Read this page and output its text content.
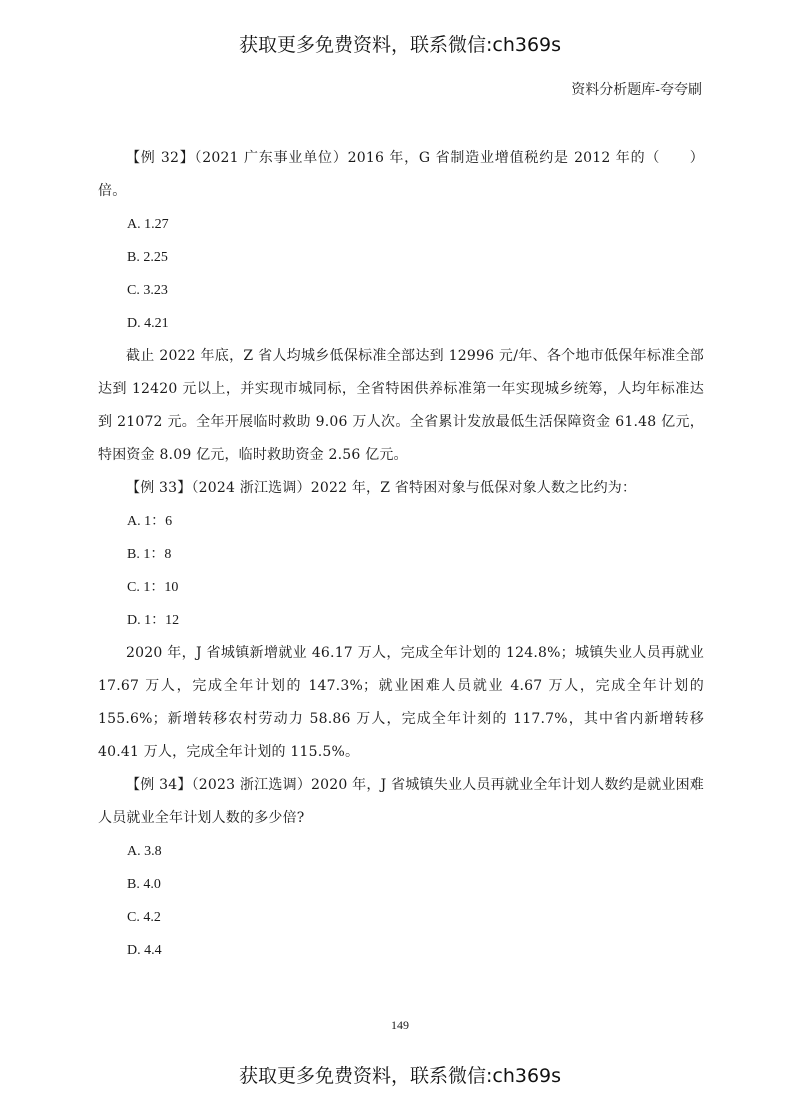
获取更多免费资料，联系微信:ch369s
资料分析题库-夸夸刷

【例 32】（2021 广东事业单位）2016 年，G 省制造业增值税约是 2012 年的（　　）倍。

A. 1.27

B. 2.25

C. 3.23

D. 4.21

截止 2022 年底，Z 省人均城乡低保标准全部达到 12996 元/年、各个地市低保年标准全部达到 12420 元以上，并实现市城同标，全省特困供养标准第一年实现城乡统筹，人均年标准达到 21072 元。全年开展临时救助 9.06 万人次。全省累计发放最低生活保障资金 61.48 亿元，特困资金 8.09 亿元，临时救助资金 2.56 亿元。

【例 33】（2024 浙江选调）2022 年，Z 省特困对象与低保对象人数之比约为：

A. 1：6

B. 1：8

C. 1：10

D. 1：12

2020 年，J 省城镇新增就业 46.17 万人，完成全年计划的 124.8%；城镇失业人员再就业 17.67 万人，完成全年计划的 147.3%；就业困难人员就业 4.67 万人，完成全年计划的 155.6%；新增转移农村劳动力 58.86 万人，完成全年计刻的 117.7%，其中省内新增转移 40.41 万人，完成全年计划的 115.5%。

【例 34】（2023 浙江选调）2020 年，J 省城镇失业人员再就业全年计划人数约是就业困难人员就业全年计划人数的多少倍?

A. 3.8

B. 4.0

C. 4.2

D. 4.4

149
获取更多免费资料，联系微信:ch369s
